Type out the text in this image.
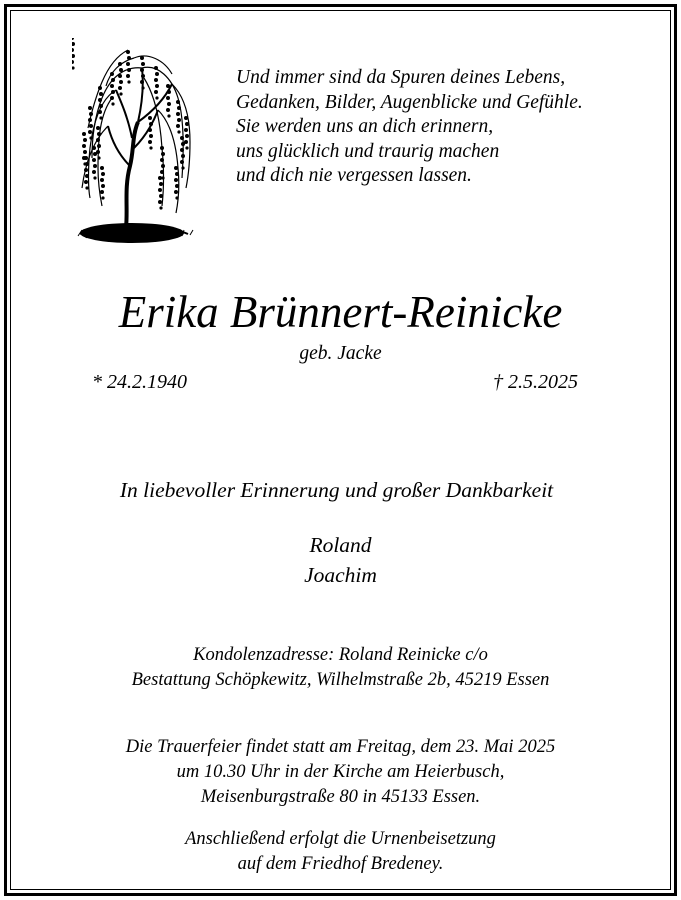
Und immer sind da Spuren deines Lebens,
Gedanken, Bilder, Augenblicke und Gefühle.
Sie werden uns an dich erinnern,
uns glücklich und traurig machen
und dich nie vergessen lassen.
Erika Brünnert-Reinicke
geb. Jacke
* 24.2.1940	† 2.5.2025
In liebevoller Erinnerung und großer Dankbarkeit
Roland
Joachim
Kondolenzadresse: Roland Reinicke c/o
Bestattung Schöpkewitz, Wilhelmstraße 2b, 45219 Essen
Die Trauerfeier findet statt am Freitag, dem 23. Mai 2025
um 10.30 Uhr in der Kirche am Heierbusch,
Meisenburgstraße 80 in 45133 Essen.
Anschließend erfolgt die Urnenbeisetzung
auf dem Friedhof Bredeney.
